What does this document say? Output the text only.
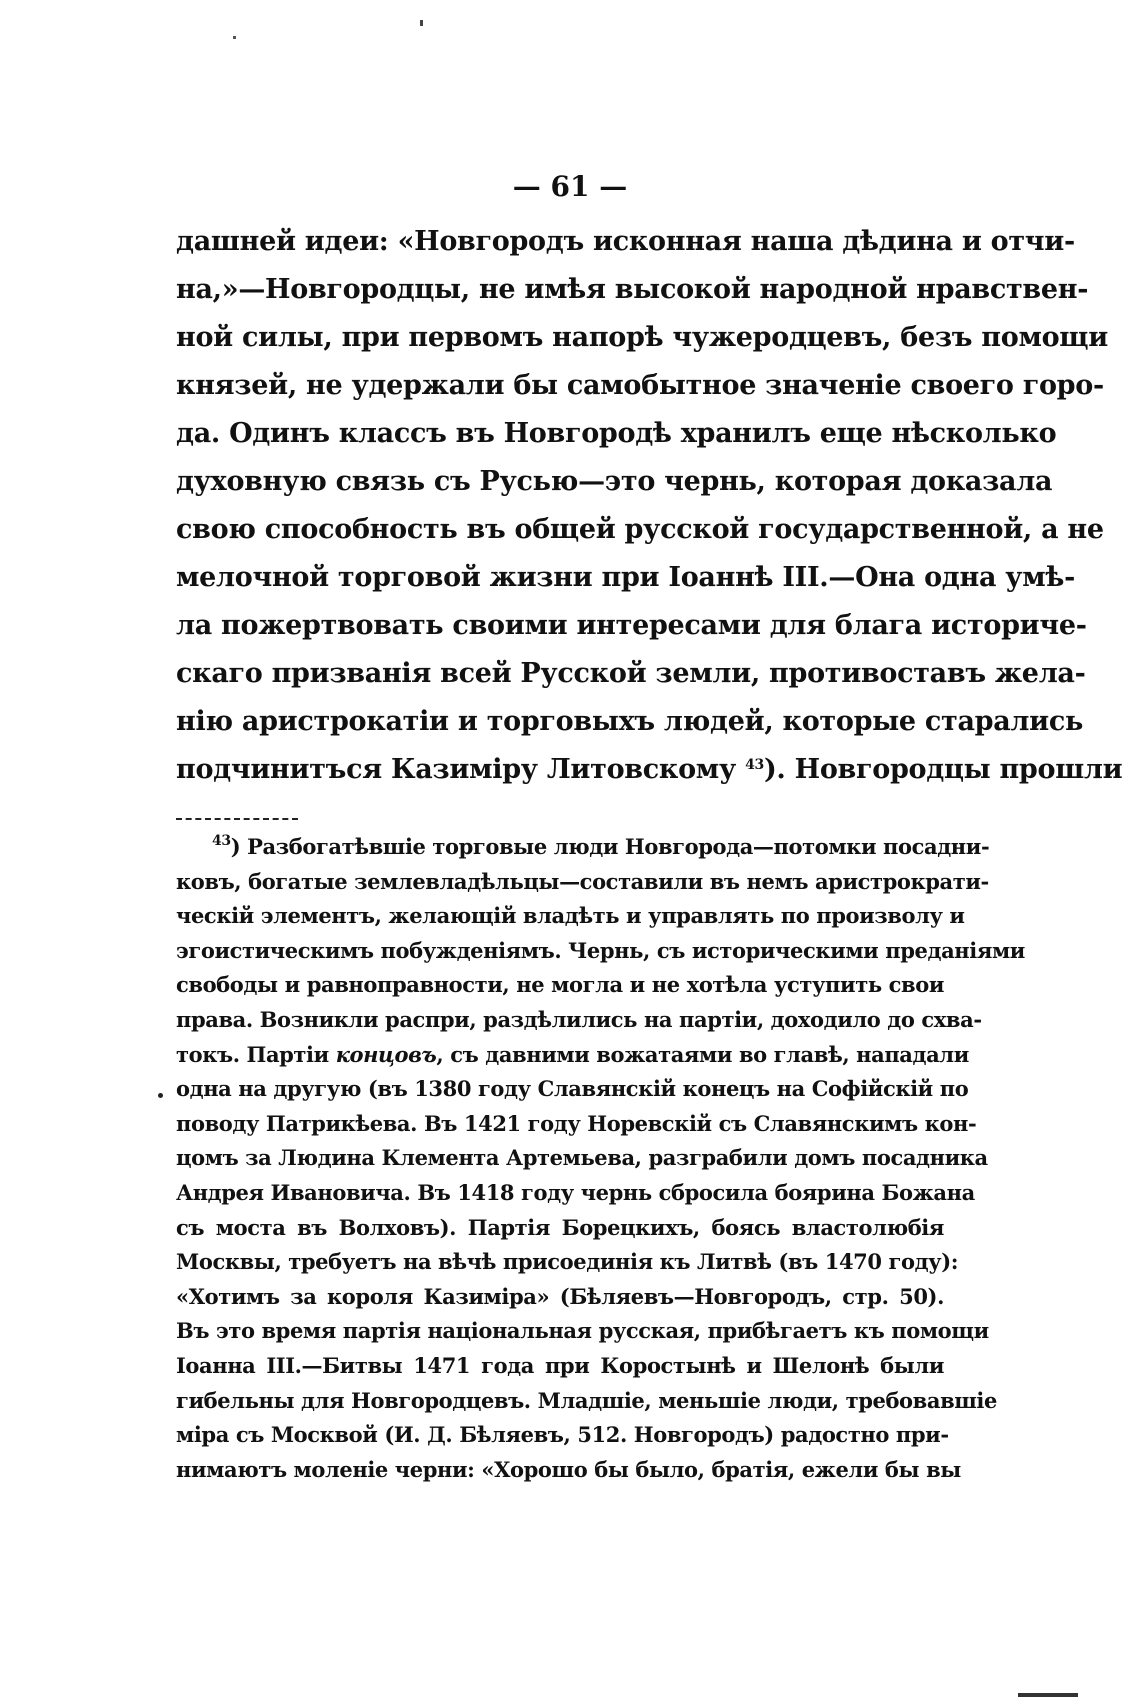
— 61 —
дашней идеи: «Новгородъ исконная наша дѣдина и отчи-
на,»—Новгородцы, не имѣя высокой народной нравствен-
ной силы, при первомъ напорѣ чужеродцевъ, безъ помощи
князей, не удержали бы самобытное значеніе своего горо-
да. Одинъ классъ въ Новгородѣ хранилъ еще нѣсколько
духовную связь съ Русью—это чернь, которая доказала
свою способность въ общей русской государственной, а не
мелочной торговой жизни при Іоаннѣ III.—Она одна умѣ-
ла пожертвовать своими интересами для блага историче-
скаго призванія всей Русской земли, противоставъ жела-
нію аристрокатіи и торговыхъ людей, которые старались
подчинитъся Казиміру Литовскому $^{43}$). Новгородцы прошли
$^{43}$) Разбогатѣвшіе торговые люди Новгорода—потомки посадни-
ковъ, богатые землевладѣльцы—составили въ немъ аристрократи-
ческій элементъ, желающій владѣть и управлять по произволу и
эгоистическимъ побужденіямъ. Чернь, съ историческими преданіями
свободы и равноправности, не могла и не хотѣла уступить свои
права. Возникли распри, раздѣлились на партіи, доходило до схва-
токъ. Партіи концовъ, съ давними вожатаями во главѣ, нападали
одна на другую (въ 1380 году Славянскій конецъ на Софійскій по
поводу Патрикѣева. Въ 1421 году Норевскій съ Славянскимъ кон-
цомъ за Людина Клемента Артемьева, разграбили домъ посадника
Андрея Ивановича. Въ 1418 году чернь сбросила боярина Божана
съ моста въ Волховъ). Партія Борецкихъ, боясь властолюбія
Москвы, требуетъ на вѣчѣ присоединія къ Литвѣ (въ 1470 году):
«Хотимъ за короля Казиміра» (Бѣляевъ—Новгородъ, стр. 50).
Въ это время партія національная русская, прибѣгаетъ къ помощи
Іоанна III.—Битвы 1471 года при Коростынѣ и Шелонѣ были
гибельны для Новгородцевъ. Младшіе, меньшіе люди, требовавшіе
міра съ Москвой (И. Д. Бѣляевъ, 512. Новгородъ) радостно при-
нимаютъ моленіе черни: «Хорошо бы было, братія, ежели бы вы
